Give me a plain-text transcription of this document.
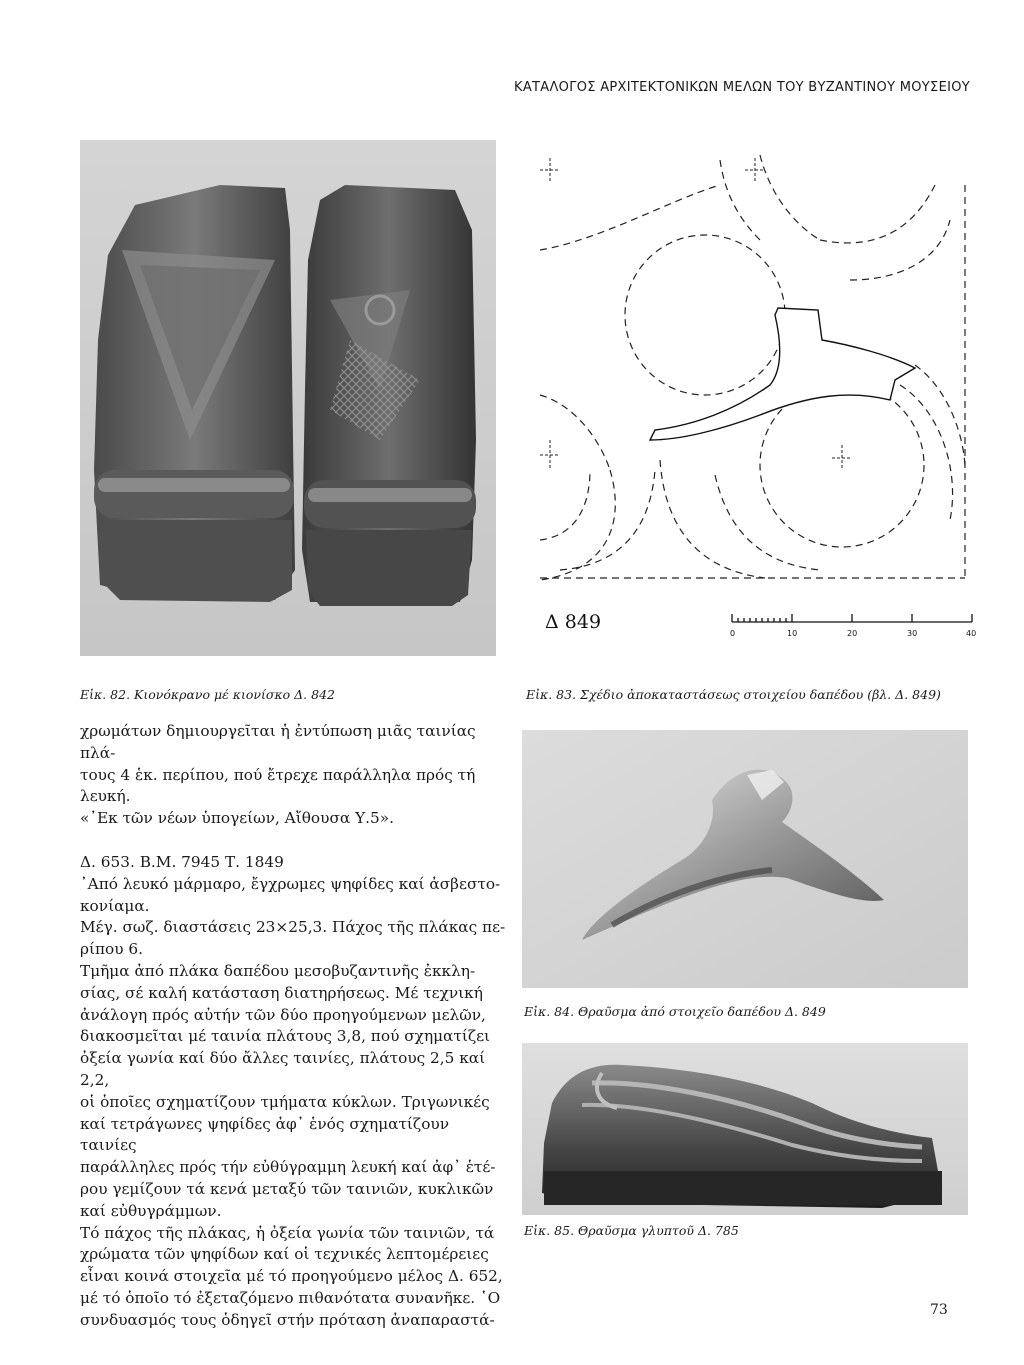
ΚΑΤΑΛΟΓΟΣ ΑΡΧΙΤΕΚΤΟΝΙΚΩΝ ΜΕΛΩΝ ΤΟΥ ΒΥΖΑΝΤΙΝΟΥ ΜΟΥΣΕΙΟΥ
Εἰκ. 82. Κιονόκρανο μέ κιονίσκο Δ. 842
Δ 849
0	10	20	30	40
Εἰκ. 83. Σχέδιο ἀποκαταστάσεως στοιχείου δαπέδου (βλ. Δ. 849)

χρωμάτων δημιουργεῖται ἡ ἐντύπωση μιᾶς ταινίας πλά-

τους 4 ἑκ. περίπου, πού ἔτρεχε παράλληλα πρός τή

λευκή.

«᾿Εκ τῶν νέων ὑπογείων, Αἴθουσα Υ.5».

Δ. 653. Β.Μ. 7945 Τ. 1849

᾿Από λευκό μάρμαρο, ἔγχρωμες ψηφίδες καί ἀσβεστο-

κονίαμα.

Μέγ. σωζ. διαστάσεις 23×25,3. Πάχος τῆς πλάκας πε-

ρίπου 6.

Τμῆμα ἀπό πλάκα δαπέδου μεσοβυζαντινῆς ἐκκλη-

σίας, σέ καλή κατάσταση διατηρήσεως. Μέ τεχνική

ἀνάλογη πρός αὐτήν τῶν δύο προηγούμενων μελῶν,

διακοσμεῖται μέ ταινία πλάτους 3,8, πού σχηματίζει

ὀξεία γωνία καί δύο ἄλλες ταινίες, πλάτους 2,5 καί 2,2,

οἱ ὁποῖες σχηματίζουν τμήματα κύκλων. Τριγωνικές

καί τετράγωνες ψηφίδες ἀφ᾿ ἑνός σχηματίζουν ταινίες

παράλληλες πρός τήν εὐθύγραμμη λευκή καί ἀφ᾿ ἑτέ-

ρου γεμίζουν τά κενά μεταξύ τῶν ταινιῶν, κυκλικῶν

καί εὐθυγράμμων.

Τό πάχος τῆς πλάκας, ἡ ὀξεία γωνία τῶν ταινιῶν, τά

χρώματα τῶν ψηφίδων καί οἱ τεχνικές λεπτομέρειες

εἶναι κοινά στοιχεῖα μέ τό προηγούμενο μέλος Δ. 652,

μέ τό ὁποῖο τό ἐξεταζόμενο πιθανότατα συνανῆκε. ῾Ο

συνδυασμός τους ὁδηγεῖ στήν πρόταση ἀναπαραστά-

Εἰκ. 84. Θραῦσμα ἀπό στοιχεῖο δαπέδου Δ. 849
Εἰκ. 85. Θραῦσμα γλυπτοῦ Δ. 785
73
